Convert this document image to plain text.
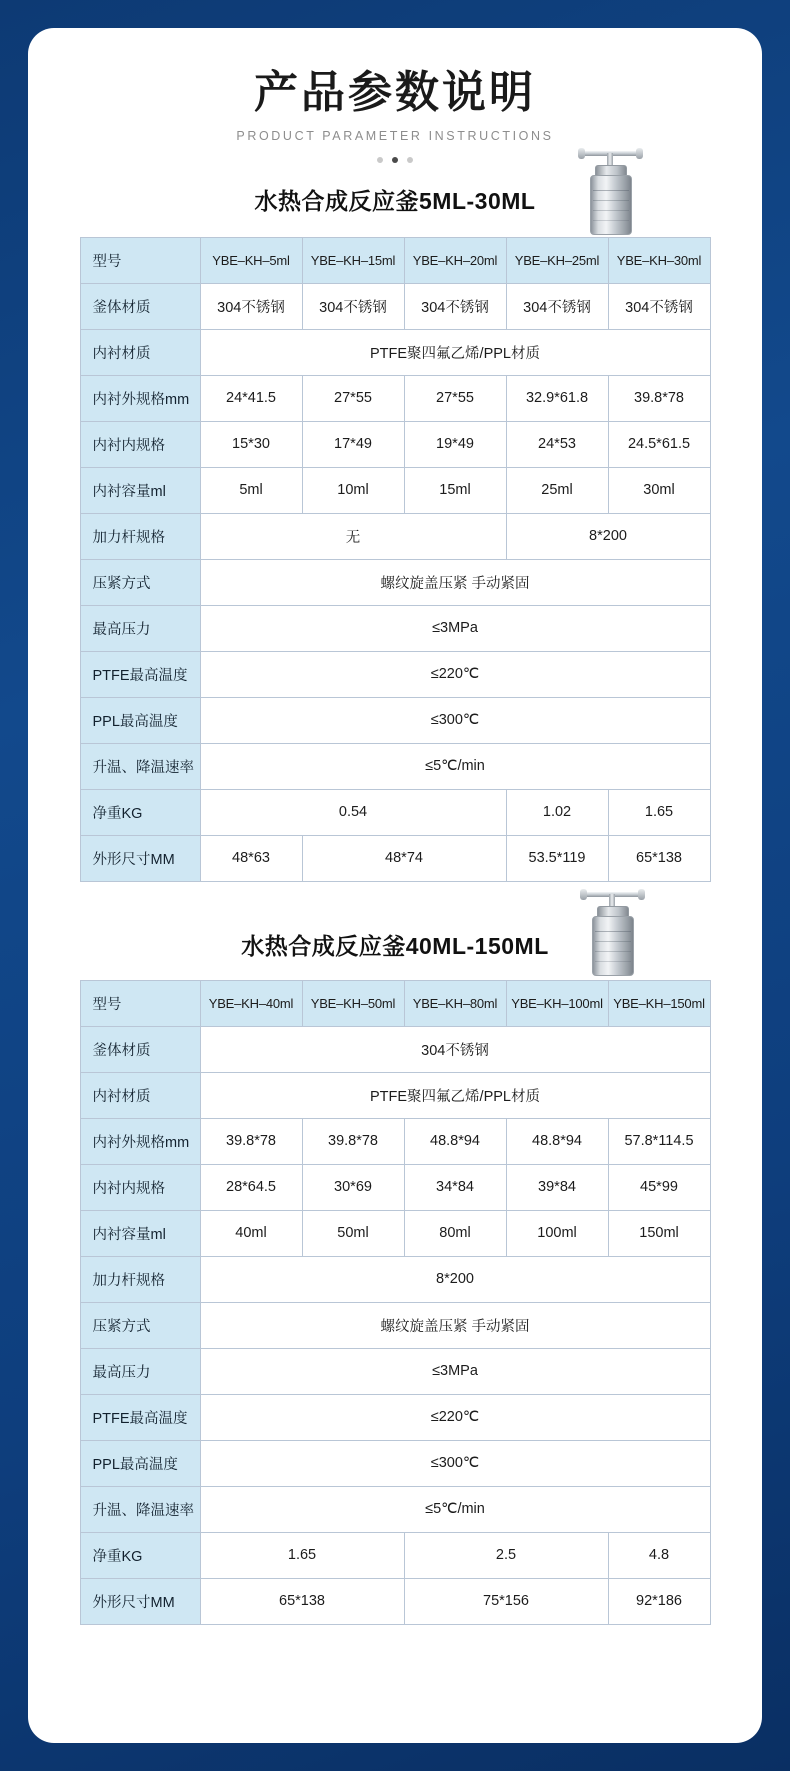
产品参数说明
PRODUCT PARAMETER INSTRUCTIONS
水热合成反应釜5ML-30ML
型号	YBE–KH–5ml	YBE–KH–15ml	YBE–KH–20ml	YBE–KH–25ml	YBE–KH–30ml
釜体材质	304不锈钢	304不锈钢	304不锈钢	304不锈钢	304不锈钢
内衬材质	PTFE聚四氟乙烯/PPL材质				
内衬外规格mm	24*41.5	27*55	27*55	32.9*61.8	39.8*78
内衬内规格	15*30	17*49	19*49	24*53	24.5*61.5
内衬容量ml	5ml	10ml	15ml	25ml	30ml
加力杆规格	无			8*200	
压紧方式	螺纹旋盖压紧 手动紧固				
最高压力	≤3MPa				
PTFE最高温度	≤220℃				
PPL最高温度	≤300℃				
升温、降温速率	≤5℃/min				
净重KG	0.54			1.02	1.65
外形尺寸MM	48*63	48*74		53.5*119	65*138
水热合成反应釜40ML-150ML
型号	YBE–KH–40ml	YBE–KH–50ml	YBE–KH–80ml	YBE–KH–100ml	YBE–KH–150ml
釜体材质	304不锈钢				
内衬材质	PTFE聚四氟乙烯/PPL材质				
内衬外规格mm	39.8*78	39.8*78	48.8*94	48.8*94	57.8*114.5
内衬内规格	28*64.5	30*69	34*84	39*84	45*99
内衬容量ml	40ml	50ml	80ml	100ml	150ml
加力杆规格	8*200				
压紧方式	螺纹旋盖压紧 手动紧固				
最高压力	≤3MPa				
PTFE最高温度	≤220℃				
PPL最高温度	≤300℃				
升温、降温速率	≤5℃/min				
净重KG	1.65		2.5		4.8
外形尺寸MM	65*138		75*156		92*186
